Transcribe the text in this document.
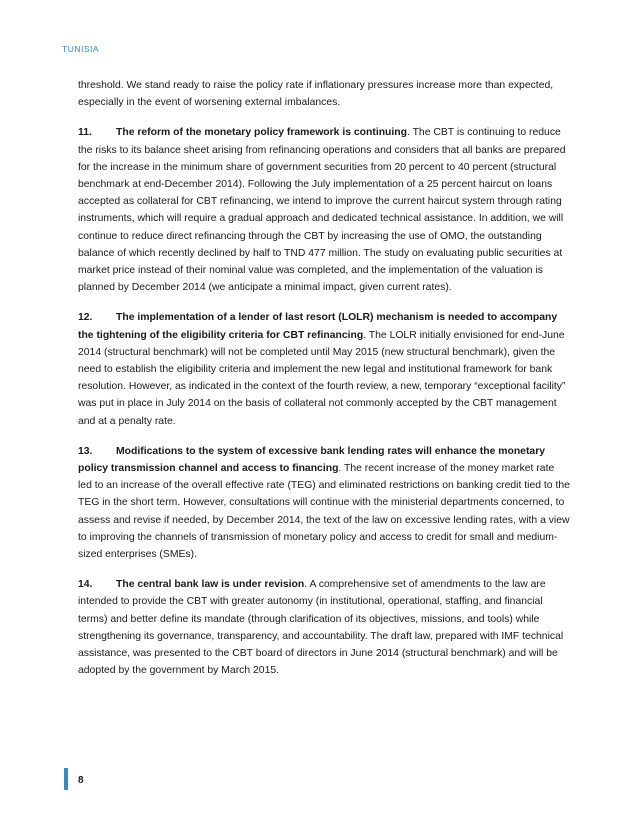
TUNISIA

threshold. We stand ready to raise the policy rate if inflationary pressures increase more than expected, especially in the event of worsening external imbalances.

11. The reform of the monetary policy framework is continuing. The CBT is continuing to reduce the risks to its balance sheet arising from refinancing operations and considers that all banks are prepared for the increase in the minimum share of government securities from 20 percent to 40 percent (structural benchmark at end-December 2014). Following the July implementation of a 25 percent haircut on loans accepted as collateral for CBT refinancing, we intend to improve the current haircut system through rating instruments, which will require a gradual approach and dedicated technical assistance. In addition, we will continue to reduce direct refinancing through the CBT by increasing the use of OMO, the outstanding balance of which recently declined by half to TND 477 million. The study on evaluating public securities at market price instead of their nominal value was completed, and the implementation of the valuation is planned by December 2014 (we anticipate a minimal impact, given current rates).

12. The implementation of a lender of last resort (LOLR) mechanism is needed to accompany the tightening of the eligibility criteria for CBT refinancing. The LOLR initially envisioned for end-June 2014 (structural benchmark) will not be completed until May 2015 (new structural benchmark), given the need to establish the eligibility criteria and implement the new legal and institutional framework for bank resolution. However, as indicated in the context of the fourth review, a new, temporary “exceptional facility” was put in place in July 2014 on the basis of collateral not commonly accepted by the CBT management and at a penalty rate.

13. Modifications to the system of excessive bank lending rates will enhance the monetary policy transmission channel and access to financing. The recent increase of the money market rate led to an increase of the overall effective rate (TEG) and eliminated restrictions on banking credit tied to the TEG in the short term. However, consultations will continue with the ministerial departments concerned, to assess and revise if needed, by December 2014, the text of the law on excessive lending rates, with a view to improving the channels of transmission of monetary policy and access to credit for small and medium-sized enterprises (SMEs).

14. The central bank law is under revision. A comprehensive set of amendments to the law are intended to provide the CBT with greater autonomy (in institutional, operational, staffing, and financial terms) and better define its mandate (through clarification of its objectives, missions, and tools) while strengthening its governance, transparency, and accountability. The draft law, prepared with IMF technical assistance, was presented to the CBT board of directors in June 2014 (structural benchmark) and will be adopted by the government by March 2015.

8
